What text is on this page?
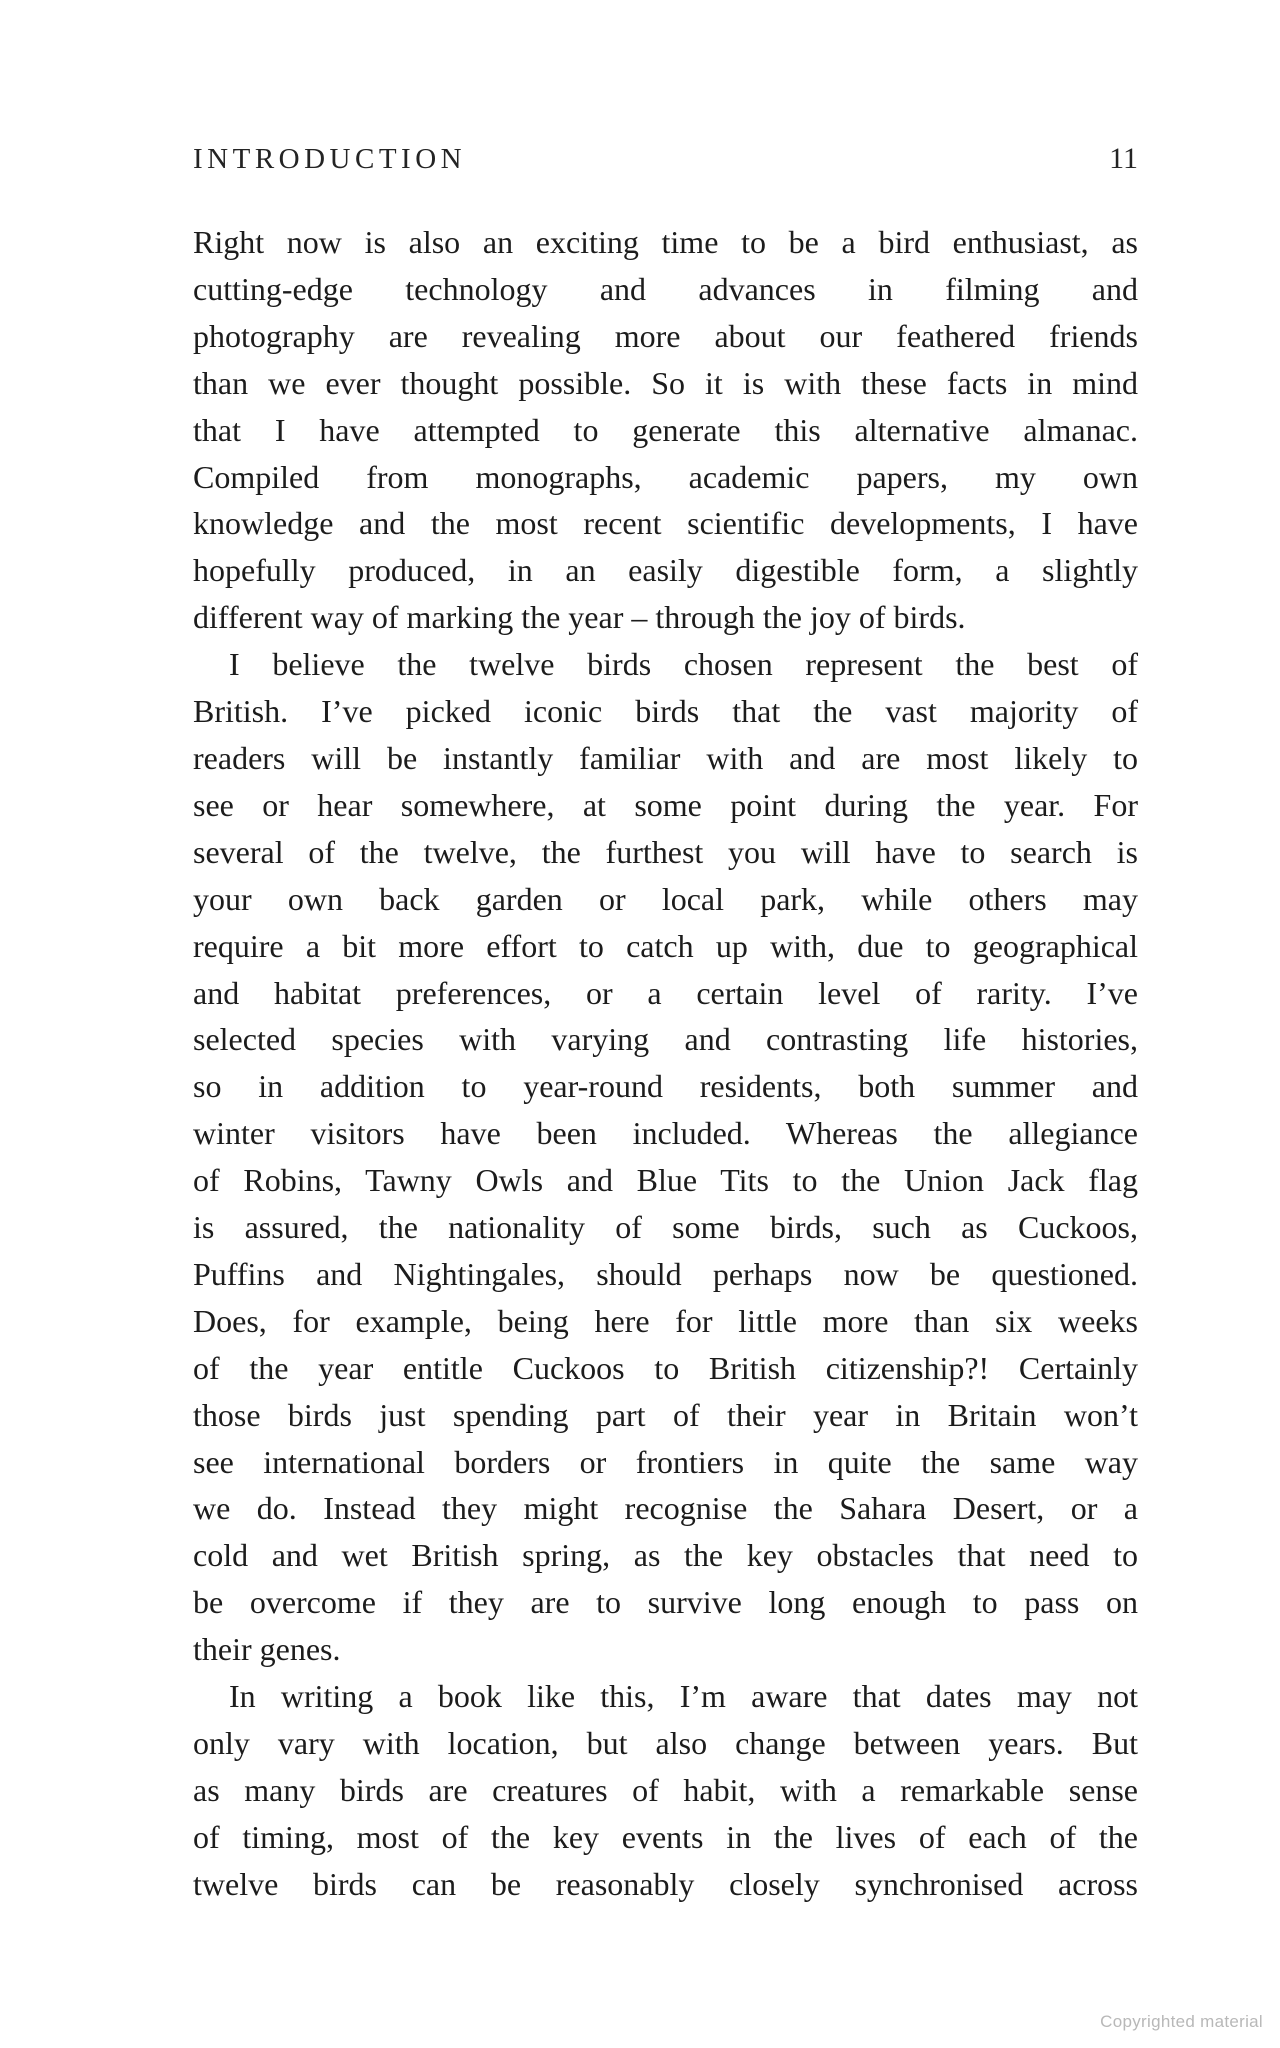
INTRODUCTION	11
Right now is also an exciting time to be a bird enthusiast, as
cutting-edge technology and advances in filming and
photography are revealing more about our feathered friends
than we ever thought possible. So it is with these facts in mind
that I have attempted to generate this alternative almanac.
Compiled from monographs, academic papers, my own
knowledge and the most recent scientific developments, I have
hopefully produced, in an easily digestible form, a slightly
different way of marking the year – through the joy of birds.
I believe the twelve birds chosen represent the best of
British. I’ve picked iconic birds that the vast majority of
readers will be instantly familiar with and are most likely to
see or hear somewhere, at some point during the year. For
several of the twelve, the furthest you will have to search is
your own back garden or local park, while others may
require a bit more effort to catch up with, due to geographical
and habitat preferences, or a certain level of rarity. I’ve
selected species with varying and contrasting life histories,
so in addition to year-round residents, both summer and
winter visitors have been included. Whereas the allegiance
of Robins, Tawny Owls and Blue Tits to the Union Jack flag
is assured, the nationality of some birds, such as Cuckoos,
Puffins and Nightingales, should perhaps now be questioned.
Does, for example, being here for little more than six weeks
of the year entitle Cuckoos to British citizenship?! Certainly
those birds just spending part of their year in Britain won’t
see international borders or frontiers in quite the same way
we do. Instead they might recognise the Sahara Desert, or a
cold and wet British spring, as the key obstacles that need to
be overcome if they are to survive long enough to pass on
their genes.
In writing a book like this, I’m aware that dates may not
only vary with location, but also change between years. But
as many birds are creatures of habit, with a remarkable sense
of timing, most of the key events in the lives of each of the
twelve birds can be reasonably closely synchronised across
Copyrighted material
